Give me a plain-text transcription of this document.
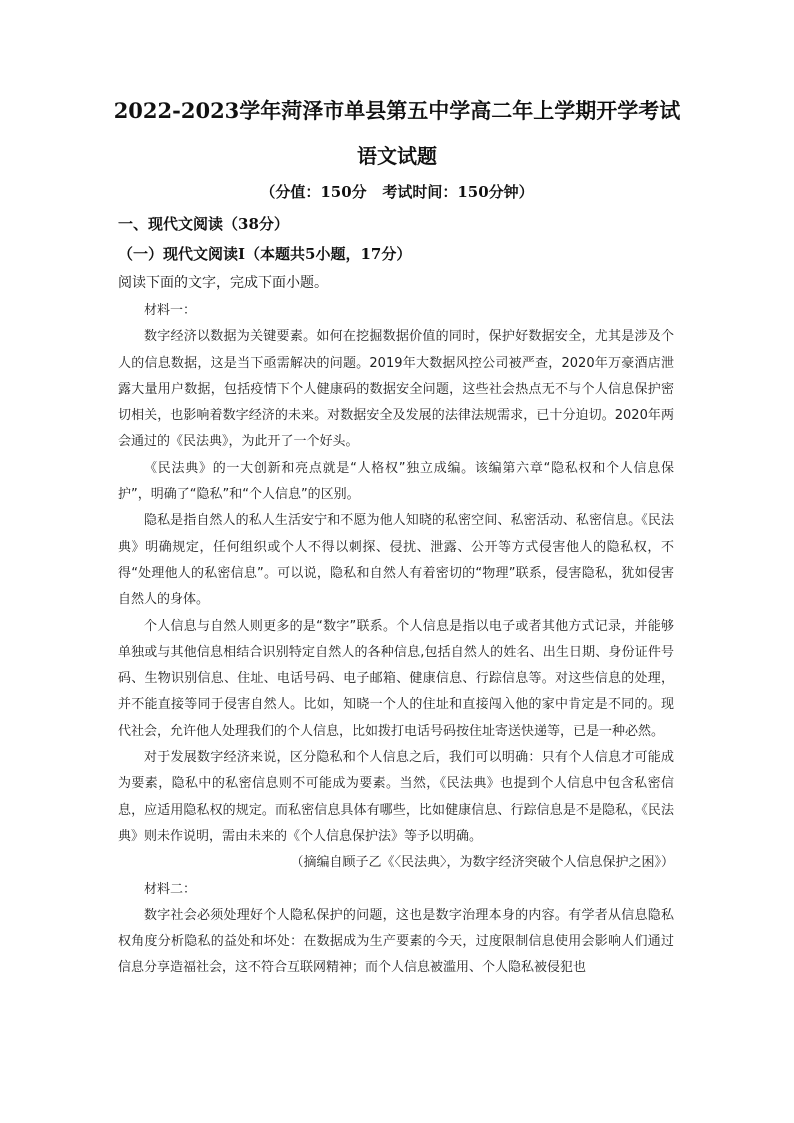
2022-2023学年菏泽市单县第五中学高二年上学期开学考试
语文试题
（分值：150分   考试时间：150分钟）
一、现代文阅读（38分）
（一）现代文阅读Ⅰ（本题共5小题，17分）
阅读下面的文字，完成下面小题。

材料一：

数字经济以数据为关键要素。如何在挖掘数据价值的同时，保护好数据安全，尤其是涉及个人的信息数据，这是当下亟需解决的问题。2019年大数据风控公司被严查，2020年万豪酒店泄露大量用户数据，包括疫情下个人健康码的数据安全问题，这些社会热点无不与个人信息保护密切相关，也影响着数字经济的未来。对数据安全及发展的法律法规需求，已十分迫切。2020年两会通过的《民法典》，为此开了一个好头。

《民法典》的一大创新和亮点就是“人格权”独立成编。该编第六章“隐私权和个人信息保护”，明确了“隐私”和“个人信息”的区别。

隐私是指自然人的私人生活安宁和不愿为他人知晓的私密空间、私密活动、私密信息。《民法典》明确规定，任何组织或个人不得以刺探、侵扰、泄露、公开等方式侵害他人的隐私权，不得“处理他人的私密信息”。可以说，隐私和自然人有着密切的“物理”联系，侵害隐私，犹如侵害自然人的身体。

个人信息与自然人则更多的是“数字”联系。个人信息是指以电子或者其他方式记录，并能够单独或与其他信息相结合识别特定自然人的各种信息,包括自然人的姓名、出生日期、身份证件号码、生物识别信息、住址、电话号码、电子邮箱、健康信息、行踪信息等。对这些信息的处理，并不能直接等同于侵害自然人。比如，知晓一个人的住址和直接闯入他的家中肯定是不同的。现代社会，允许他人处理我们的个人信息，比如拨打电话号码按住址寄送快递等，已是一种必然。

对于发展数字经济来说，区分隐私和个人信息之后，我们可以明确：只有个人信息才可能成为要素，隐私中的私密信息则不可能成为要素。当然，《民法典》也提到个人信息中包含私密信息，应适用隐私权的规定。而私密信息具体有哪些，比如健康信息、行踪信息是不是隐私，《民法典》则未作说明，需由未来的《个人信息保护法》等予以明确。

（摘编自顾子乙《〈民法典〉，为数字经济突破个人信息保护之困》）

材料二：

数字社会必须处理好个人隐私保护的问题，这也是数字治理本身的内容。有学者从信息隐私权角度分析隐私的益处和坏处：在数据成为生产要素的今天，过度限制信息使用会影响人们通过信息分享造福社会，这不符合互联网精神；而个人信息被滥用、个人隐私被侵犯也
